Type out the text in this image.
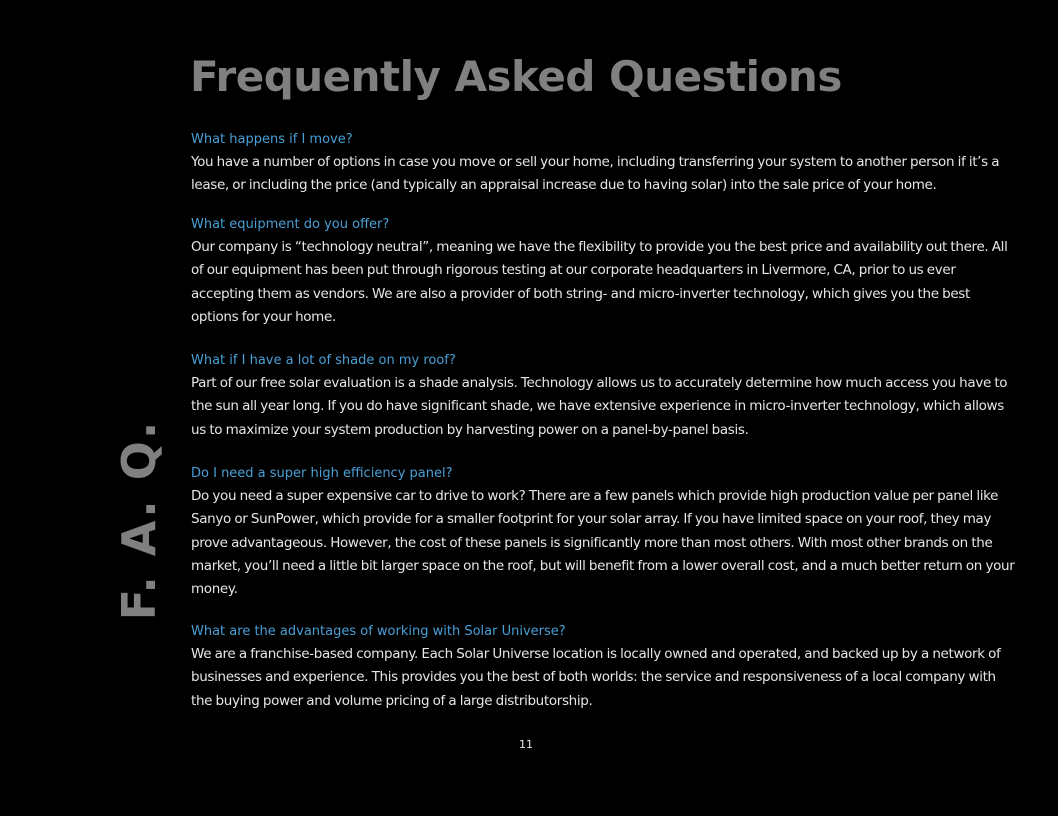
Frequently Asked Questions
F. A. Q.

What happens if I move?

You have a number of options in case you move or sell your home, including transferring your system to another person if it’s a lease, or including the price (and typically an appraisal increase due to having solar) into the sale price of your home.

What equipment do you offer?

Our company is “technology neutral”, meaning we have the flexibility to provide you the best price and availability out there. All of our equipment has been put through rigorous testing at our corporate headquarters in Livermore, CA, prior to us ever accepting them as vendors. We are also a provider of both string- and micro-inverter technology, which gives you the best options for your home.

What if I have a lot of shade on my roof?

Part of our free solar evaluation is a shade analysis. Technology allows us to accurately determine how much access you have to the sun all year long. If you do have significant shade, we have extensive experience in micro-inverter technology, which allows us to maximize your system production by harvesting power on a panel-by-panel basis.

Do I need a super high efficiency panel?

Do you need a super expensive car to drive to work? There are a few panels which provide high production value per panel like Sanyo or SunPower, which provide for a smaller footprint for your solar array. If you have limited space on your roof, they may prove advantageous. However, the cost of these panels is significantly more than most others. With most other brands on the market, you’ll need a little bit larger space on the roof, but will benefit from a lower overall cost, and a much better return on your money.

What are the advantages of working with Solar Universe?

We are a franchise-based company. Each Solar Universe location is locally owned and operated, and backed up by a network of businesses and experience. This provides you the best of both worlds: the service and responsiveness of a local company with the buying power and volume pricing of a large distributorship.

11
